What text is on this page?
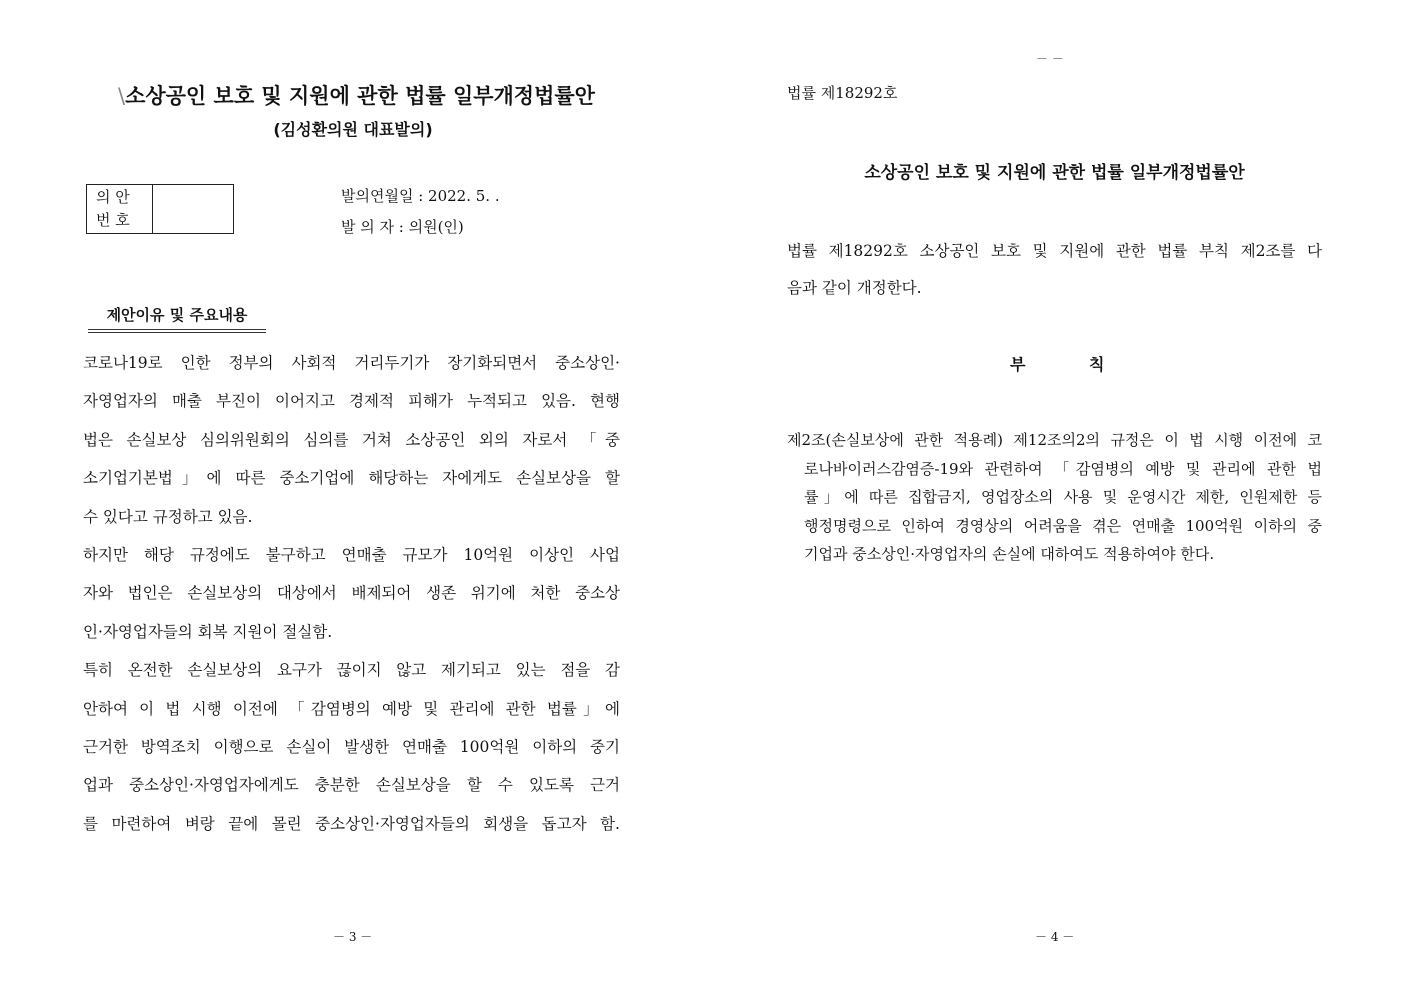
\소상공인 보호 및 지원에 관한 법률 일부개정법률안
(김성환의원 대표발의)
의 안
번 호
발의연월일 : 2022. 5. .
발 의 자 : 의원(인)
제안이유 및 주요내용
코로나19로 인한 정부의 사회적 거리두기가 장기화되면서 중소상인·
자영업자의 매출 부진이 이어지고 경제적 피해가 누적되고 있음. 현행
법은 손실보상 심의위원회의 심의를 거쳐 소상공인 외의 자로서 「중
소기업기본법」에 따른 중소기업에 해당하는 자에게도 손실보상을 할
수 있다고 규정하고 있음.
하지만 해당 규정에도 불구하고 연매출 규모가 10억원 이상인 사업
자와 법인은 손실보상의 대상에서 배제되어 생존 위기에 처한 중소상
인·자영업자들의 회복 지원이 절실함.
특히 온전한 손실보상의 요구가 끊이지 않고 제기되고 있는 점을 감
안하여 이 법 시행 이전에 「감염병의 예방 및 관리에 관한 법률」에
근거한 방역조치 이행으로 손실이 발생한 연매출 100억원 이하의 중기
업과 중소상인·자영업자에게도 충분한 손실보상을 할 수 있도록 근거
를 마련하여 벼랑 끝에 몰린 중소상인·자영업자들의 회생을 돕고자 함.
－ 3 －
－ －
법률 제18292호
소상공인 보호 및 지원에 관한 법률 일부개정법률안
법률 제18292호 소상공인 보호 및 지원에 관한 법률 부칙 제2조를 다
음과 같이 개정한다.
부 칙
제2조(손실보상에 관한 적용례) 제12조의2의 규정은 이 법 시행 이전에 코
로나바이러스감염증-19와 관련하여 「감염병의 예방 및 관리에 관한 법
률」에 따른 집합금지, 영업장소의 사용 및 운영시간 제한, 인원제한 등
행정명령으로 인하여 경영상의 어려움을 겪은 연매출 100억원 이하의 중
기업과 중소상인·자영업자의 손실에 대하여도 적용하여야 한다.
－ 4 －
